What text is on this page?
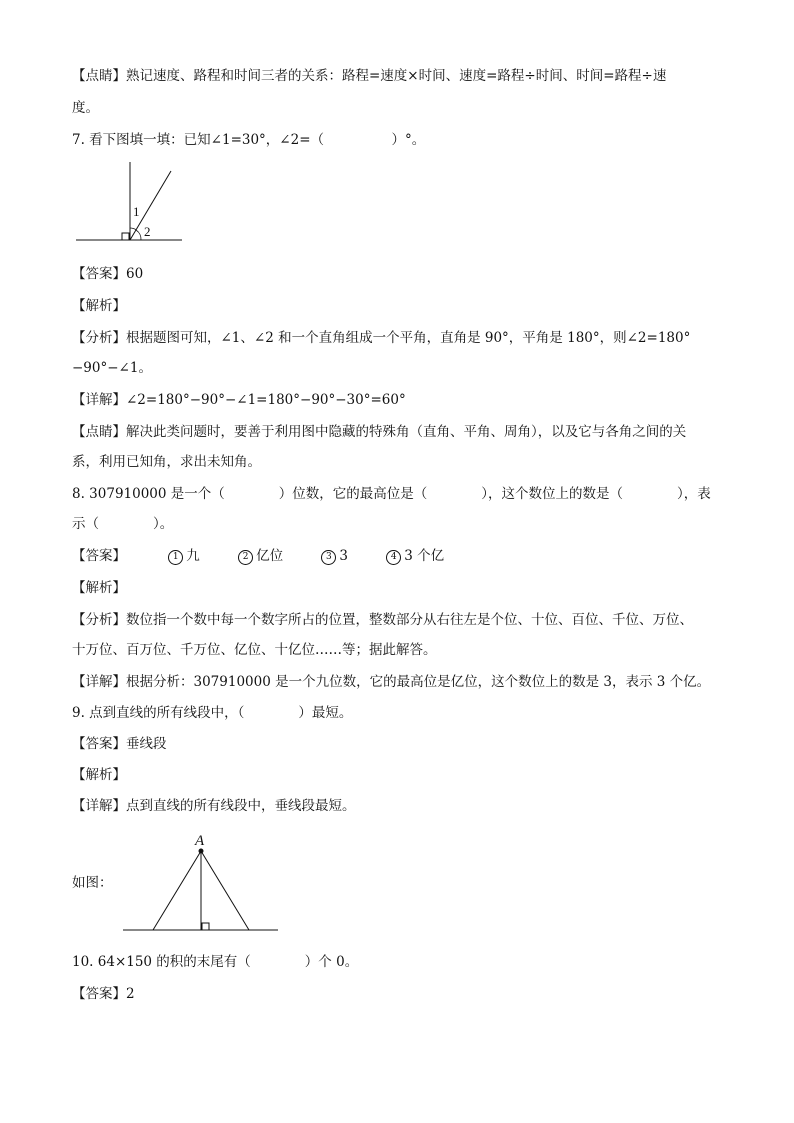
【点睛】熟记速度、路程和时间三者的关系：路程=速度×时间、速度=路程÷时间、时间=路程÷速
度。
7. 看下图填一填：已知∠1=30°，∠2=（　　　　　）°。
1
2
【答案】60
【解析】
【分析】根据题图可知，∠1、∠2 和一个直角组成一个平角，直角是 90°，平角是 180°，则∠2=180°
−90°−∠1。
【详解】∠2=180°−90°−∠1=180°−90°−30°=60°
【点睛】解决此类问题时，要善于利用图中隐藏的特殊角（直角、平角、周角），以及它与各角之间的关
系，利用已知角，求出未知角。
8. 307910000 是一个（　　　　）位数，它的最高位是（　　　　），这个数位上的数是（　　　　），表
示（　　　　）。
【答案】	1 九	2 亿位	3 3	4 3 个亿
【解析】
【分析】数位指一个数中每一个数字所占的位置，整数部分从右往左是个位、十位、百位、千位、万位、
十万位、百万位、千万位、亿位、十亿位……等；据此解答。
【详解】根据分析：307910000 是一个九位数，它的最高位是亿位，这个数位上的数是 3，表示 3 个亿。
9. 点到直线的所有线段中，（　　　　）最短。
【答案】垂线段
【解析】
【详解】点到直线的所有线段中，垂线段最短。
如图：
A
10. 64×150 的积的末尾有（　　　　）个 0。
【答案】2
